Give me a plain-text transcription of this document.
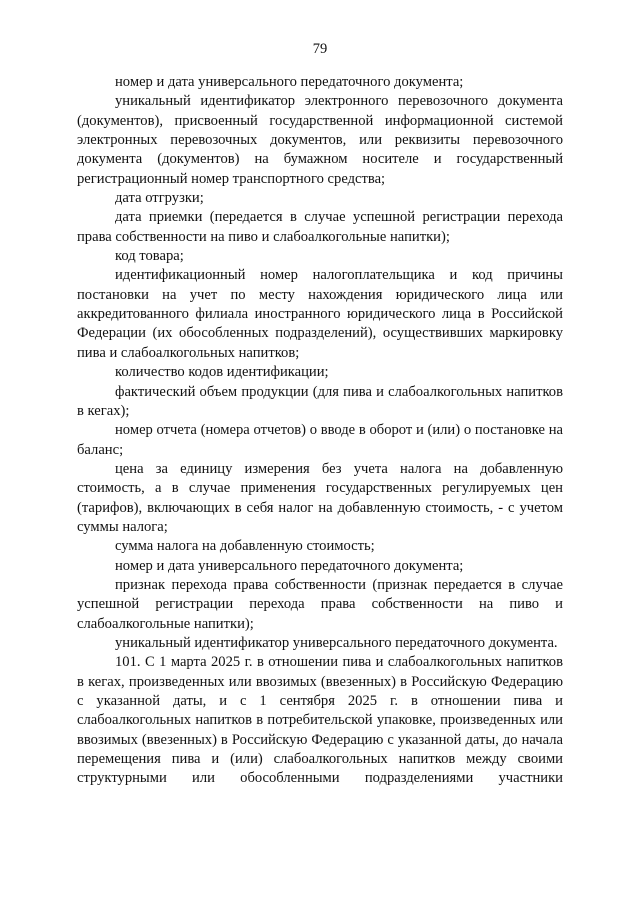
79

номер и дата универсального передаточного документа;

уникальный идентификатор электронного перевозочного документа (документов), присвоенный государственной информационной системой электронных перевозочных документов, или реквизиты перевозочного документа (документов) на бумажном носителе и государственный регистрационный номер транспортного средства;

дата отгрузки;

дата приемки (передается в случае успешной регистрации перехода права собственности на пиво и слабоалкогольные напитки);

код товара;

идентификационный номер налогоплательщика и код причины постановки на учет по месту нахождения юридического лица или аккредитованного филиала иностранного юридического лица в Российской Федерации (их обособленных подразделений), осуществивших маркировку пива и слабоалкогольных напитков;

количество кодов идентификации;

фактический объем продукции (для пива и слабоалкогольных напитков в кегах);

номер отчета (номера отчетов) о вводе в оборот и (или) о постановке на баланс;

цена за единицу измерения без учета налога на добавленную стоимость, а в случае применения государственных регулируемых цен (тарифов), включающих в себя налог на добавленную стоимость, - с учетом суммы налога;

сумма налога на добавленную стоимость;

номер и дата универсального передаточного документа;

признак перехода права собственности (признак передается в случае успешной регистрации перехода права собственности на пиво и слабоалкогольные напитки);

уникальный идентификатор универсального передаточного документа.

101. С 1 марта 2025 г. в отношении пива и слабоалкогольных напитков в кегах, произведенных или ввозимых (ввезенных) в Российскую Федерацию с указанной даты, и с 1 сентября 2025 г. в отношении пива и слабоалкогольных напитков в потребительской упаковке, произведенных или ввозимых (ввезенных) в Российскую Федерацию с указанной даты, до начала перемещения пива и (или) слабоалкогольных напитков между своими структурными или обособленными подразделениями участники
